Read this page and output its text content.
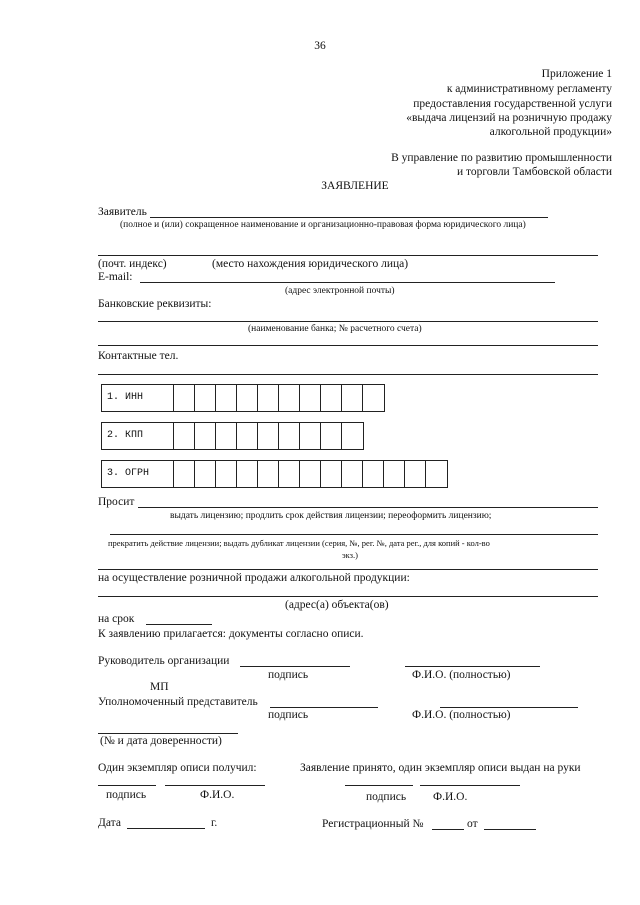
36
Приложение 1
к административному регламенту
предоставления государственной услуги
«выдача лицензий на розничную продажу
алкогольной продукции»
В управление по развитию промышленности
и торговли Тамбовской области
ЗАЯВЛЕНИЕ
Заявитель
(полное и (или) сокращенное наименование и организационно-правовая форма юридического лица)
(почт. индекс)	(место нахождения юридического лица)
E-mail:
(адрес электронной почты)
Банковские реквизиты:
(наименование банка; № расчетного счета)
Контактные тел.
1. ИНН
2. КПП
3. ОГРН
Просит
выдать лицензию; продлить срок действия лицензии; переоформить лицензию;
прекратить действие лицензии; выдать дубликат лицензии (серия, №, рег. №, дата рег., для копий - кол-во
экз.)
на осуществление розничной продажи алкогольной продукции:
(адрес(а) объекта(ов)
на срок
К заявлению прилагается: документы согласно описи.
Руководитель организации
подпись	Ф.И.О. (полностью)
МП
Уполномоченный представитель
подпись	Ф.И.О. (полностью)
(№ и дата доверенности)
Один экземпляр описи получил:	Заявление принято, один экземпляр описи выдан на руки
подпись	Ф.И.О.	подпись Ф.И.О.
Дата	г.	Регистрационный №	от
